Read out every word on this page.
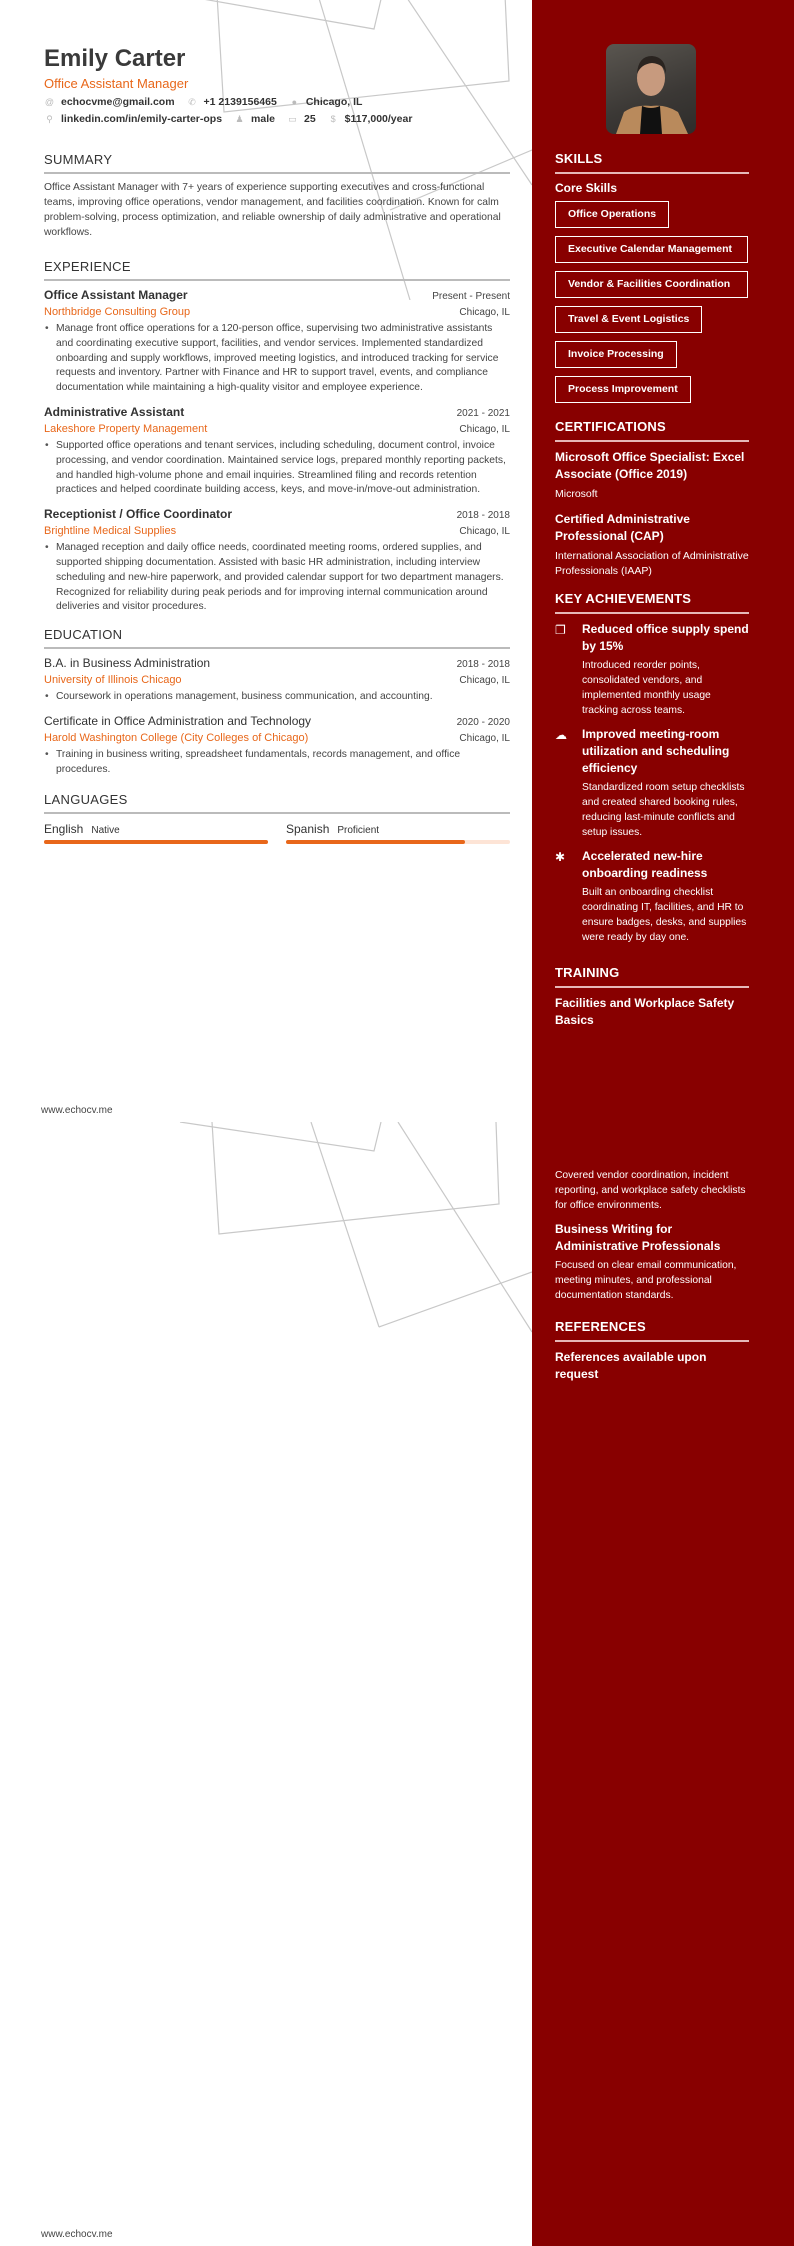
Emily Carter
Office Assistant Manager
@ echocvme@gmail.com ✆ +1 2139156465	● Chicago, IL
⚲ linkedin.com/in/emily-carter-ops ♟ male ▭ 25	$ $117,000/year
SUMMARY
Office Assistant Manager with 7+ years of experience supporting executives and cross-functional teams, improving office operations, vendor management, and facilities coordination. Known for calm problem-solving, process optimization, and reliable ownership of daily administrative and operational workflows.
EXPERIENCE
Office Assistant Manager	Present - Present
Northbridge Consulting Group	Chicago, IL
• Manage front office operations for a 120-person office, supervising two administrative assistants and coordinating executive support, facilities, and vendor services. Implemented standardized onboarding and supply workflows, improved meeting logistics, and introduced tracking for service requests and inventory. Partner with Finance and HR to support travel, events, and compliance documentation while maintaining a high-quality visitor and employee experience.
Administrative Assistant	2021 - 2021
Lakeshore Property Management	Chicago, IL
• Supported office operations and tenant services, including scheduling, document control, invoice processing, and vendor coordination. Maintained service logs, prepared monthly reporting packets, and handled high-volume phone and email inquiries. Streamlined filing and records retention practices and helped coordinate building access, keys, and move-in/move-out administration.
Receptionist / Office Coordinator	2018 - 2018
Brightline Medical Supplies	Chicago, IL
• Managed reception and daily office needs, coordinated meeting rooms, ordered supplies, and supported shipping documentation. Assisted with basic HR administration, including interview scheduling and new-hire paperwork, and provided calendar support for two department managers. Recognized for reliability during peak periods and for improving internal communication around deliveries and visitor procedures.
EDUCATION
B.A. in Business Administration	2018 - 2018
University of Illinois Chicago	Chicago, IL
• Coursework in operations management, business communication, and accounting.
Certificate in Office Administration and Technology	2020 - 2020
Harold Washington College (City Colleges of Chicago)	Chicago, IL
• Training in business writing, spreadsheet fundamentals, records management, and office procedures.
LANGUAGES
English Native	Spanish Proficient
www.echocv.me
www.echocv.me
SKILLS
Core Skills
Office Operations
Executive Calendar Management
Vendor & Facilities Coordination
Travel & Event Logistics
Invoice Processing
Process Improvement
CERTIFICATIONS
Microsoft Office Specialist: Excel Associate (Office 2019)
Microsoft
Certified Administrative Professional (CAP)
International Association of Administrative Professionals (IAAP)
KEY ACHIEVEMENTS
❐	Reduced office supply spend by 15%
Introduced reorder points, consolidated vendors, and implemented monthly usage tracking across teams.
☁	Improved meeting-room utilization and scheduling efficiency
Standardized room setup checklists and created shared booking rules, reducing last-minute conflicts and setup issues.
✱	Accelerated new-hire onboarding readiness
Built an onboarding checklist coordinating IT, facilities, and HR to ensure badges, desks, and supplies were ready by day one.
TRAINING
Facilities and Workplace Safety Basics
Covered vendor coordination, incident reporting, and workplace safety checklists for office environments.
Business Writing for Administrative Professionals
Focused on clear email communication, meeting minutes, and professional documentation standards.
REFERENCES
References available upon request
